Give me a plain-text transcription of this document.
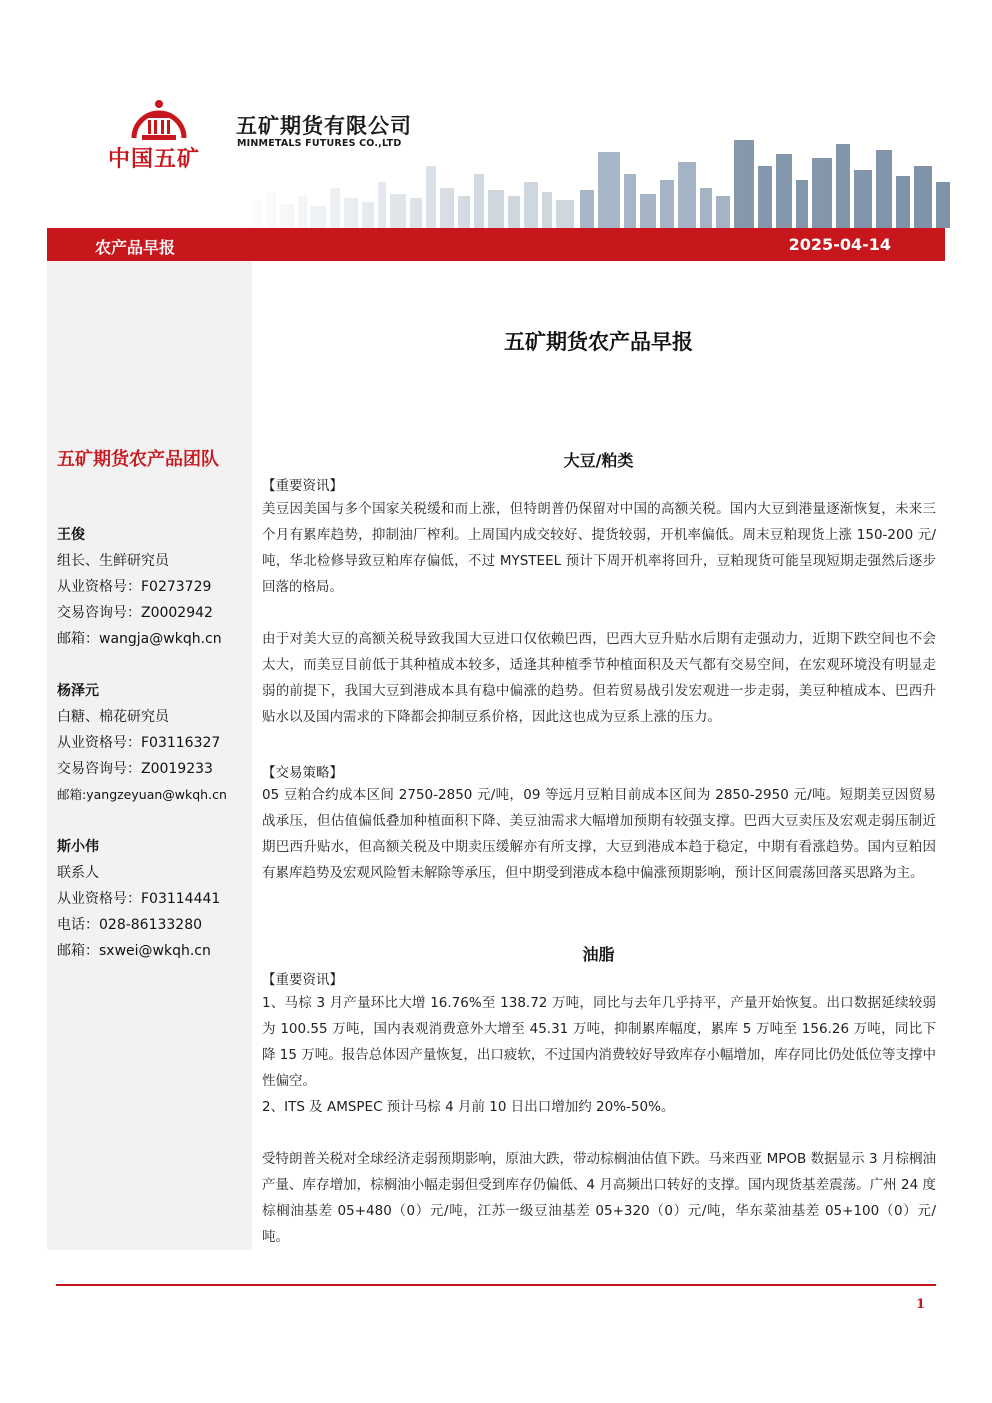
中国五矿
五矿期货有限公司
MINMETALS FUTURES CO.,LTD
农产品早报	2025-04-14
五矿期货农产品团队
王俊
组长、生鲜研究员
从业资格号：F0273729
交易咨询号：Z0002942
邮箱：wangja@wkqh.cn
杨泽元
白糖、棉花研究员
从业资格号：F03116327
交易咨询号：Z0019233
邮箱:yangzeyuan@wkqh.cn
斯小伟
联系人
从业资格号：F03114441
电话：028-86133280
邮箱：sxwei@wkqh.cn
五矿期货农产品早报
大豆/粕类
【重要资讯】

美豆因美国与多个国家关税缓和而上涨，但特朗普仍保留对中国的高额关税。国内大豆到港量逐渐恢复，未来三个月有累库趋势，抑制油厂榨利。上周国内成交较好、提货较弱，开机率偏低。周末豆粕现货上涨 150-200 元/吨，华北检修导致豆粕库存偏低，不过 MYSTEEL 预计下周开机率将回升，豆粕现货可能呈现短期走强然后逐步回落的格局。

由于对美大豆的高额关税导致我国大豆进口仅依赖巴西，巴西大豆升贴水后期有走强动力，近期下跌空间也不会太大，而美豆目前低于其种植成本较多，适逢其种植季节种植面积及天气都有交易空间，在宏观环境没有明显走弱的前提下，我国大豆到港成本具有稳中偏涨的趋势。但若贸易战引发宏观进一步走弱，美豆种植成本、巴西升贴水以及国内需求的下降都会抑制豆系价格，因此这也成为豆系上涨的压力。

【交易策略】

05 豆粕合约成本区间 2750-2850 元/吨，09 等远月豆粕目前成本区间为 2850-2950 元/吨。短期美豆因贸易战承压，但估值偏低叠加种植面积下降、美豆油需求大幅增加预期有较强支撑。巴西大豆卖压及宏观走弱压制近期巴西升贴水，但高额关税及中期卖压缓解亦有所支撑，大豆到港成本趋于稳定，中期有看涨趋势。国内豆粕因有累库趋势及宏观风险暂未解除等承压，但中期受到港成本稳中偏涨预期影响，预计区间震荡回落买思路为主。

油脂
【重要资讯】

1、马棕 3 月产量环比大增 16.76%至 138.72 万吨，同比与去年几乎持平，产量开始恢复。出口数据延续较弱为 100.55 万吨，国内表观消费意外大增至 45.31 万吨，抑制累库幅度，累库 5 万吨至 156.26 万吨，同比下降 15 万吨。报告总体因产量恢复，出口疲软，不过国内消费较好导致库存小幅增加，库存同比仍处低位等支撑中性偏空。

2、ITS 及 AMSPEC 预计马棕 4 月前 10 日出口增加约 20%-50%。

受特朗普关税对全球经济走弱预期影响，原油大跌，带动棕榈油估值下跌。马来西亚 MPOB 数据显示 3 月棕榈油产量、库存增加，棕榈油小幅走弱但受到库存仍偏低、4 月高频出口转好的支撑。国内现货基差震荡。广州 24 度棕榈油基差 05+480（0）元/吨，江苏一级豆油基差 05+320（0）元/吨，华东菜油基差 05+100（0）元/吨。

1
